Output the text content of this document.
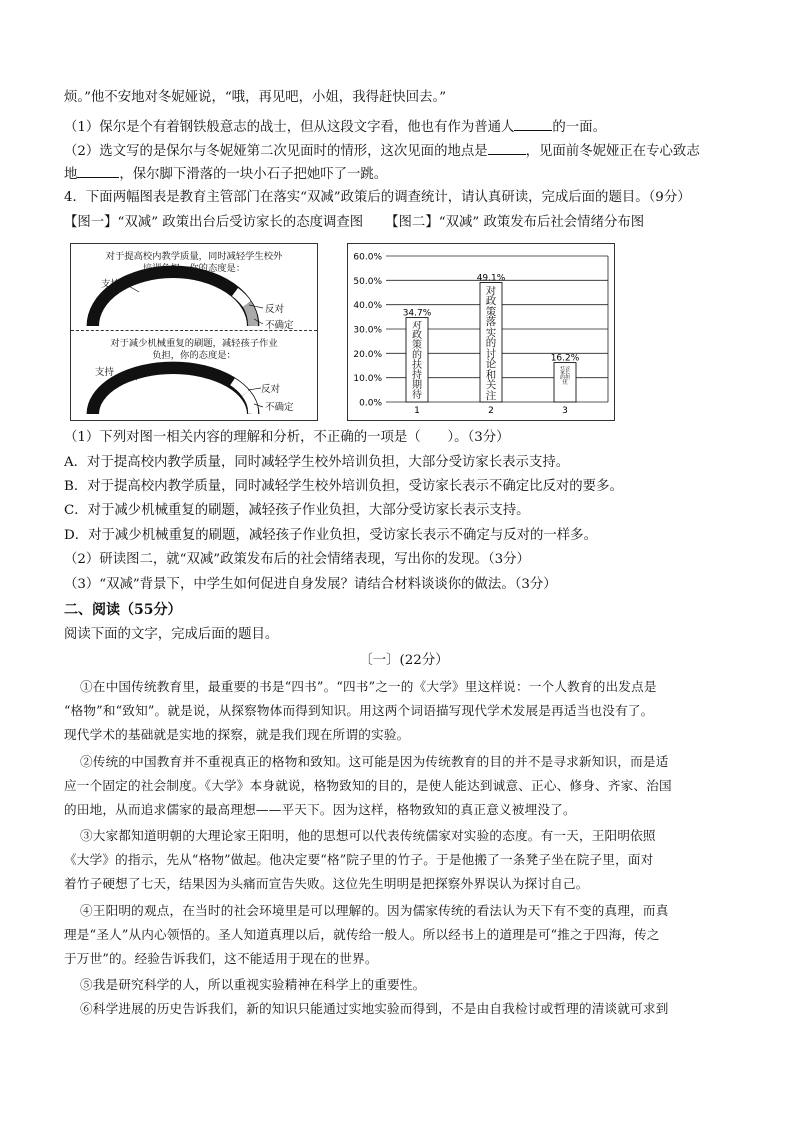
烦。”他不安地对冬妮娅说，“哦，再见吧，小姐，我得赶快回去。”
（1）保尔是个有着钢铁般意志的战士，但从这段文字看，他也有作为普通人	的一面。
（2）选文写的是保尔与冬妮娅第二次见面时的情形，这次见面的地点是	，见面前冬妮娅正在专心致志
地	，保尔脚下滑落的一块小石子把她吓了一跳。
4．下面两幅图表是教育主管部门在落实“双减”政策后的调查统计，请认真研读，完成后面的题目。（9分）
【图一】“双减” 政策出台后受访家长的态度调查图 【图二】“双减” 政策发布后社会情绪分布图
对于提高校内教学质量，同时减轻学生校外
培训负担，你的态度是：
支持
反对
不确定
对于减少机械重复的刷题，减轻孩子作业
负担，你的态度是：
支持
反对
不确定	0.0%
10.0%
20.0%
30.0%
40.0%
50.0%
60.0%
34.7%
1
49.1%
2
16.2%
3
对政策的扶持期待
对政策落实的讨论和关注
社会家长的担忧
（1）下列对图一相关内容的理解和分析，不正确的一项是（　　）。（3分）
A．对于提高校内教学质量，同时减轻学生校外培训负担，大部分受访家长表示支持。
B．对于提高校内教学质量，同时减轻学生校外培训负担，受访家长表示不确定比反对的要多。
C．对于减少机械重复的刷题，减轻孩子作业负担，大部分受访家长表示支持。
D．对于减少机械重复的刷题，减轻孩子作业负担，受访家长表示不确定与反对的一样多。
（2）研读图二，就“双减”政策发布后的社会情绪表现，写出你的发现。（3分）
（3）“双减”背景下，中学生如何促进自身发展？请结合材料谈谈你的做法。（3分）
二、阅读（55分）
阅读下面的文字，完成后面的题目。
〔一〕(22分）
①在中国传统教育里，最重要的书是“四书”。“四书”之一的《大学》里这样说：一个人教育的出发点是
“格物”和“致知”。就是说，从探察物体而得到知识。用这两个词语描写现代学术发展是再适当也没有了。
现代学术的基础就是实地的探察，就是我们现在所谓的实验。
②传统的中国教育并不重视真正的格物和致知。这可能是因为传统教育的目的并不是寻求新知识，而是适
应一个固定的社会制度。《大学》本身就说，格物致知的目的，是使人能达到诚意、正心、修身、齐家、治国
的田地，从而追求儒家的最高理想——平天下。因为这样，格物致知的真正意义被埋没了。
③大家都知道明朝的大理论家王阳明，他的思想可以代表传统儒家对实验的态度。有一天，王阳明依照
《大学》的指示，先从“格物”做起。他决定要“格”院子里的竹子。于是他搬了一条凳子坐在院子里，面对
着竹子硬想了七天，结果因为头痛而宣告失败。这位先生明明是把探察外界误认为探讨自己。
④王阳明的观点，在当时的社会环境里是可以理解的。因为儒家传统的看法认为天下有不变的真理，而真
理是“圣人”从内心领悟的。圣人知道真理以后，就传给一般人。所以经书上的道理是可“推之于四海，传之
于万世”的。经验告诉我们，这不能适用于现在的世界。
⑤我是研究科学的人，所以重视实验精神在科学上的重要性。
⑥科学进展的历史告诉我们，新的知识只能通过实地实验而得到，不是由自我检讨或哲理的清谈就可求到
